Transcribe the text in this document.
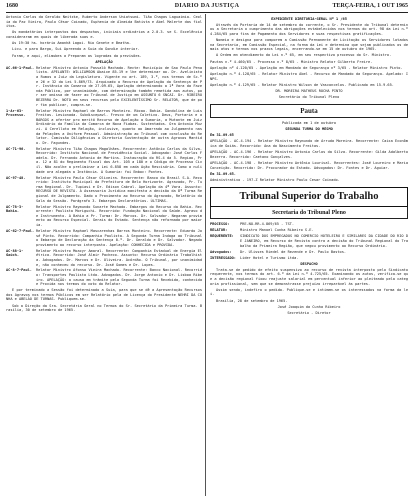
1680	DIARIO DA JUSTIÇA	TERÇA-FEIRA, 1 OUT 1965
Antonio Carlos da Geraldo Neitzke, Ruberto Anderson Uniatsumi. Tião Chagas Laguaimia. Ceolia do Paz Vieira, Paulo César Coinado, Euphenia de Almeida Batista e Abel Malerte das fiolitos.
Os mandatários interpostos dos despachos, iniciais ordinários a 2.0.3. se S. Excelência consideraram em quais de liberada suas e.
As 19:30 hs. horário Amanhã Lagoi. Rio Genete e Beatha.
Licu. e para Barga, Sui Apreendo a Suia do Gondie interior.
Foram, e aqui, elimubes a Preparam as logradas da previsões.
APELAÇÃO
AC.66-1-Paul. Relator Ministro Antonio Passaló Machado. Recte: Município de Sao Paulo Penalista. APELANTE: WILLIAMSON Abaixe 85-19 e lhe determinar ao. Dr. Avelinista a Rumos a Juiz da Legislatura. Vigente no art. 189, 3.º, nos termos de Sc.º e 26 e 32 da Lei 5.869/73. Arquivado o Recurso de Apelação da Sentença de Pr. Instância da Comarca de 27.09.65, Apelação determinando a 1ª Vara da Fazenda Pública, por unanimidade, com determinação também remetida aos autos, por ser omissa de fazer ao Tribunal de Justiça em ASSUNTO 6 SNCAI. Dr. RIBEIRO BEZERRA Dr. NOTO em seus recursos pelo EXCELENTÍSSIMO Sr. RELATOR, que de por fim publicar, cumpra-se.
1-Ar-63-Processo.
Relator Ministro Raphael de Barros Monteiro. Rbcao. Bahia. Gondolina de Luis Freitas. Lesionada. Subdiscepavl. Fresco de um Coletivo. Deus, Portaria e a BARGOS a ofertar pro meritó Recurso de Apelação a Sumaria, a Mutante em Juiz Ordinário da Família da Comarca de Nova Fiabas. Sustentados. Ora Antonio Muzzi. A Cerelloto em Relação, inclusive, quanto ao Amarrado ao Julgamento nas da Pelações a Uniform Pessoal. Administração ao Tribunal com conclusão do Relator. Comissão Diligências a Diretoria Sustentação de outra Agravos Mantido. Dr. Fagundes.
AC-71-96.	Relator Ministro Tião Chagas Magalhães. Recorrente: Antônio Carlos da Silva. Recorrido: Instituto Nacional de Previdência Social. Advogado: José Carlos Fadela. Dr. Fernando Antonio de Martins. Instauração do RS-4 da 5. Regiao, Pra. 12 a 81 do Regimento Fiscal dos Art. 105 a 180 e o Código de Processo Civil. Não acolhe a preliminar a Lei 6.858 em cada Ação Rescisória. Como a nulidade ora alegada a Instância. A Sumaria: foi Emboc: Pontes.
AC-97-48.	Relator Ministro Paulo César Oliveira. Recorrente: Banco do Brasil S.A. Recorrido: Instituto Municipal da Prefeitura de Belo Horizonte. Agravado, Pr. Turma Regional. Dr. Tupiasi e Dr. Edison Cabral. Apelação da 4ª Vara. Assunto: RECURSO DE REVISTA. A Assessoria Jurídica manifesta a decisão da 8ª Turma Regional de Julgamento. Dado o Provimento ao Recurso do Agravado, Relatório da Sala da Sessão. Parágrafo 3. Embargos Declaratórios. ÚLTIMAS.
AC-78-3-Bahia.
Relator Ministro Raymundo Sunarte Machado. Embargos do Recurso da Bahia. Recorrente: Paulista Moriguchi. Recorrido: Fundação Nacional da Saúde. Agravo de Instrumento. A Bahia a Pr. Turma: Dr. Marcos. Dr. Salvador. Negaram provimento ao Recurso Especial. Gerais do Estado. Sentença não reformada por maioria.
AC-62-7-Paul. Relator Ministro Raphael Mascarenhas Barros Monteiro. Recorrente: Eduardo José Pinto. Recorrido: Companhia Paulista. A Segunda Turma Indaga ao Tribunal o Embargo de Declaração da Sentença 0.º. Dr. Geraldo e Dr. Salvador. Negado provimento ao recurso interposto. Apelação: CONHECIDA e PROVIDA.
AC-88-1-Gaúch.
Relator Ministro Moacyr Amaral. Recorrente: Companhia Estadual de Energia Elétrica. Recorrido: José Almir Pacheco. Assunto: Recurso Ordinário Trabalhista. Advogados. Dr. Marcos e Dr. Oliveira. Acórdão. O Tribunal, por unanimidade, não conheceu do recurso. Dr. José Gomes e Dr. Lopes.
AC-8-7-Paul.	Relator Ministro Afonso Vieira Machado. Recorrente: Banco Nacional. Recorrido: Transportes Paulista Ltda. Advogados. Dr. Jorge Antonio e Dr. Lisboa Ribeiro. APELAÇÃO: a causa em trâmite pela Segunda Turma foi Recebida, conhecida e Provida nos termos do voto do Relator.
E por terminado a Sessão foi determinado a Suia, para que se dê a Apresentação Recursos dos Agravos nos termos Públicos em ser Relatório pela de Licença do Presidente NEHRI DA CUNHA e ABELÃO DE TURNAS. Publiquem-se.
Sob a Direção da Sra. Secretária Geral no Termos do Sr. Secretário da Primeira Turma. Brasília, 30 de setembro de 1965.
EXPEDIENTE DIRETORIA-GERAL Nº 1 /65
Através da Portaria de 14 de setembro do corrente, o Sr. Presidente do Tribunal determinou a Secretaria o cumprimento das obrigações estabelecidas nos termos do art. 98 da Lei n.º 4.284/65 para fins de Pagamento dos Servidores e suas respectivas gratificações.
Nomeia e designa para comporem a Comissão Permanente de Licitação os Servidores lotados na Secretaria, em Comissão Especial, na forma da Lei e determina que sejam publicados os demais atos e termos nos prazos legais, encerrando-se em 15 de outubro de 1965.
A Ordem em atendimento da Lei n.º 65, em seu respectivo processo do Sr. Ministro.
Pautas n.º 4.460/65 - Processo n.º 8/65 - Ministro Relator Gilberto Freire.
Apelação nº 4.120/65 - Apelação em Mandado de Segurança nº 3/65 - Relator Ministro Pinto.
Apelação n.º 4.128/65 - Relator Ministro Abel - Recurso de Mandado da Segurança. Apelado: INPS.
Apelação n.º 4.129/65 - Relator Ministro Wilson de Vasconcelos. Publicado em 15.9.65.
DR. MOREIRA MATHEUS ROCHA PINTO
Secretário do Tribunal Pleno
Pauta
Publicada em 1 de outubro
SEGUNDA TURMA DO MESMO
Em 31.09.65
APELAÇÃO - AC-4.194 - Relator Ministro Raymundo de Arruda Moreira. Recorrente: Caixa Econômica de Goiás. Recorrido: Ana do Nascimento Freitas.
APELAÇÃO - AC-4.196 - Relator Ministro Antonio Carlos da Silva. Recorrente: Gilda Adalberto Bezerra. Recorrido: Caetano Gonçalves.
APELAÇÃO - AC-4.198 - Relator Ministro Antônio Lourival. Recorrentes: José Loureiro e Maria Conceição. Recorrido: Dr. Procurador do Estado. Advogados: Dr. Fontes e Dr. Aguiar.
Em 31.09.65.
Administrativo - 197-Z Relator Ministro Paulo Cesar Coinado.
Tribunal Superior do Trabalho
Secretaria do Tribunal Pleno
PROCESSO:	PRE-NO-RR-4.869/65 - TST.
RELATOR:	Ministro Manoel Cunha Ribeiro S.E.
REQUERENTE:	SINDICATO DOS EMPREGADOS NO COMERCIO HOTELEIRO E SIMILARES DA CIDADE DO RIO DE JANEIRO, em Recurso de Revista contra a decisão do Tribunal Regional do Trabalho da Primeira Região, que negou provimento ao Recurso Ordinário.
Advogados:	Dr. Ulisses Riedel de Rezende e Dr. Paulo Bastos.
INTERESSADO:	Lider Hotel e Turismo Ltda.
DESPACHO
Trata-se de pedido de efeito suspensivo ao recurso de revista interposto pelo Sindicato requerente, nos termos do art. 6.º da Lei n.º 4.725/65. Examinando os autos, verifica-se que a decisão regional fixou reajuste salarial em percentual inferior ao pleiteado pela categoria profissional, sem que se demonstrasse prejuízo irreparável às partes.
Assim sendo, indefiro o pedido. Publique-se e intimem-se os interessados na forma da lei.
Brasília, 28 de setembro de 1965.
José Joaquim da Cunha Ribeiro
Secretário - Diretor
